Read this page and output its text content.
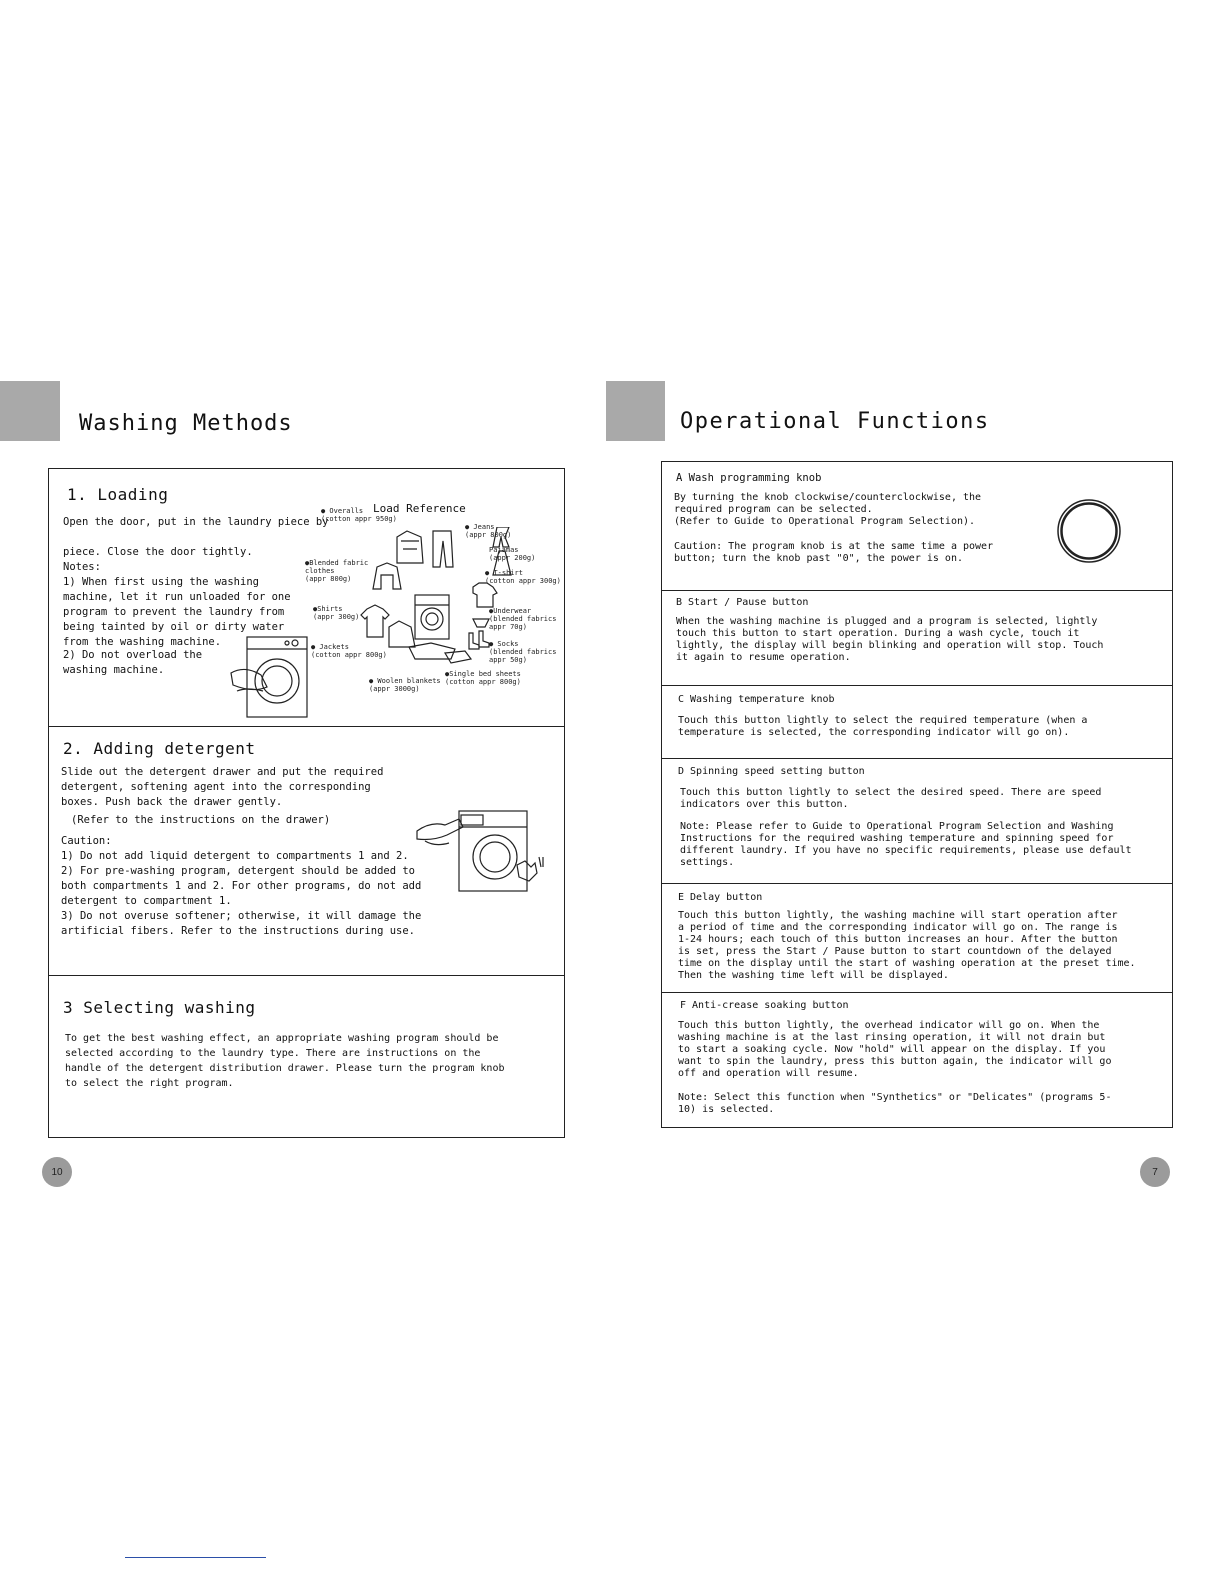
Washing Methods
1. Loading
Open the door, put in the laundry piece by

piece. Close the door tightly.
Notes:
1) When first using the washing
machine, let it run unloaded for one
program to prevent the laundry from
being tainted by oil or dirty water
from the washing machine.
2) Do not overload the
washing machine.
Load Reference
● Overalls
(cotton appr 950g)
●Blended fabric
clothes
(appr 800g)
●Shirts
(appr 300g)
● Jackets
(cotton appr 800g)
● Woolen blankets
(appr 3000g)
● Jeans
(appr 800g)
Pajamas
(appr 200g)
● T-shirt
(cotton appr 300g)
●Underwear
(blended fabrics
appr 70g)
● Socks
(blended fabrics
appr 50g)
●Single bed sheets
(cotton appr 800g)
2. Adding detergent
Slide out the detergent drawer and put the required
detergent, softening agent into the corresponding
boxes. Push back the drawer gently.
(Refer to the instructions on the drawer)
Caution:
1) Do not add liquid detergent to compartments 1 and 2.
2) For pre-washing program, detergent should be added to
both compartments 1 and 2. For other programs, do not add
detergent to compartment 1.
3) Do not overuse softener; otherwise, it will damage the
artificial fibers. Refer to the instructions during use.
3 Selecting washing
To get the best washing effect, an appropriate washing program should be
selected according to the laundry type. There are instructions on the
handle of the detergent distribution drawer. Please turn the program knob
to select the right program.
10
Operational Functions
A Wash programming knob
By turning the knob clockwise/counterclockwise, the
required program can be selected.
(Refer to Guide to Operational Program Selection).
Caution: The program knob is at the same time a power
button; turn the knob past "0", the power is on.
B Start / Pause button
When the washing machine is plugged and a program is selected, lightly
touch this button to start operation. During a wash cycle, touch it
lightly, the display will begin blinking and operation will stop. Touch
it again to resume operation.
C Washing temperature knob
Touch this button lightly to select the required temperature (when a
temperature is selected, the corresponding indicator will go on).
D Spinning speed setting button
Touch this button lightly to select the desired speed. There are speed
indicators over this button.
Note: Please refer to Guide to Operational Program Selection and Washing
Instructions for the required washing temperature and spinning speed for
different laundry. If you have no specific requirements, please use default
settings.
E Delay button
Touch this button lightly, the washing machine will start operation after
a period of time and the corresponding indicator will go on. The range is
1-24 hours; each touch of this button increases an hour. After the button
is set, press the Start / Pause button to start countdown of the delayed
time on the display until the start of washing operation at the preset time.
Then the washing time left will be displayed.
F Anti-crease soaking button
Touch this button lightly, the overhead indicator will go on. When the
washing machine is at the last rinsing operation, it will not drain but
to start a soaking cycle. Now "hold" will appear on the display. If you
want to spin the laundry, press this button again, the indicator will go
off and operation will resume.
Note: Select this function when "Synthetics" or "Delicates" (programs 5-
10) is selected.
7
